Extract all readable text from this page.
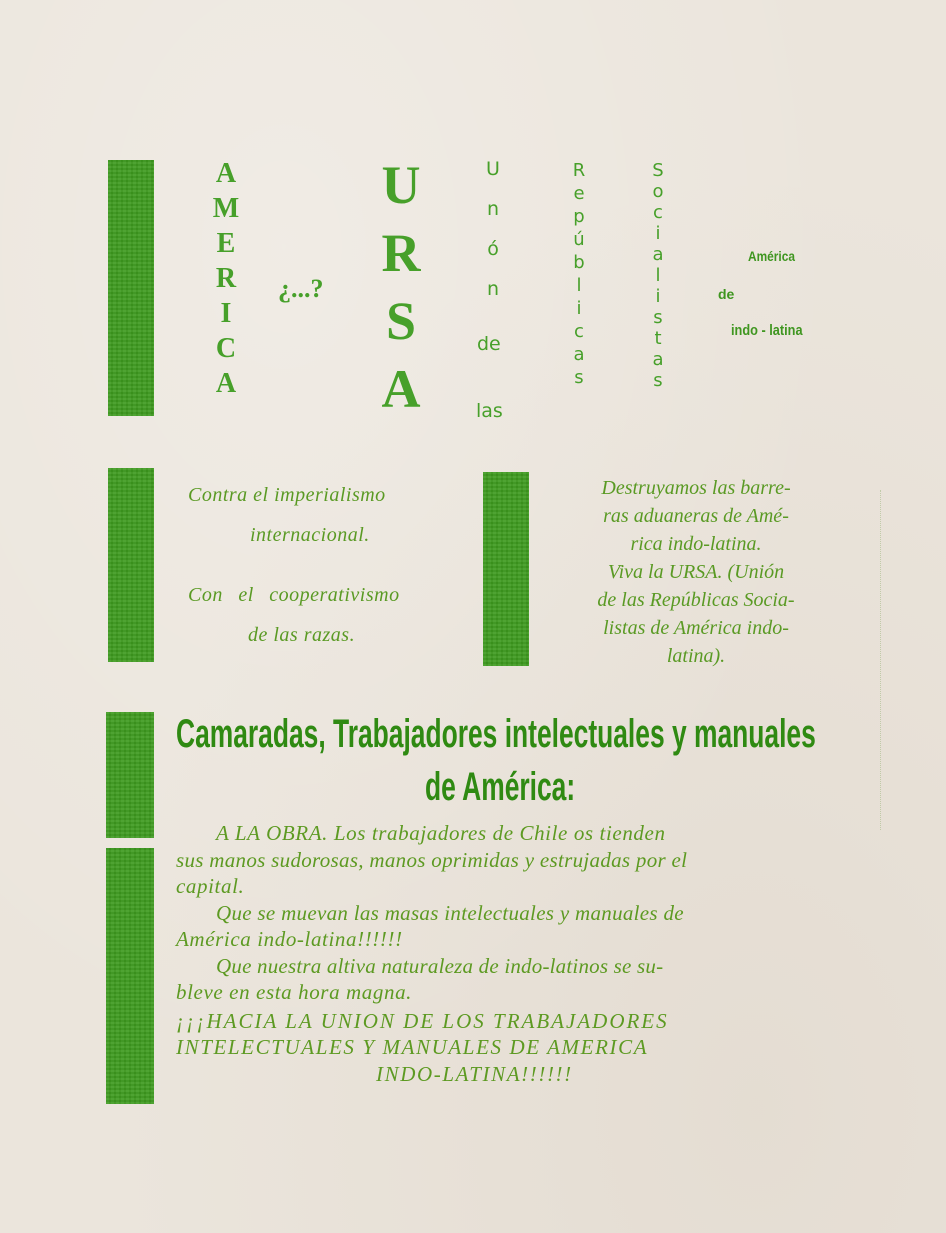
A
M
E
R
I
C
A
¿...?
U
R
S
A
U
n
ó
n
de
las
R
e
p
ú
b
l
i
c
a
s
S
o
c
i
a
l
i
s
t
a
s
América
de
indo - latina
Contra el imperialismo
internacional.
Con el cooperativismo
de las razas.
Destruyamos las barre-
ras aduaneras de Amé-
rica indo-latina.
Viva la URSA. (Unión
de las Repúblicas Socia-
listas de América indo-
latina).
Camaradas, Trabajadores intelectuales y manuales
de América:
A LA OBRA. Los trabajadores de Chile os tienden
sus manos sudorosas, manos oprimidas y estrujadas por el
capital.
Que se muevan las masas intelectuales y manuales de
América indo-latina!!!!!!
Que nuestra altiva naturaleza de indo-latinos se su-
bleve en esta hora magna.
¡¡¡HACIA LA UNION DE LOS TRABAJADORES
INTELECTUALES Y MANUALES DE AMERICA
INDO-LATINA!!!!!!
